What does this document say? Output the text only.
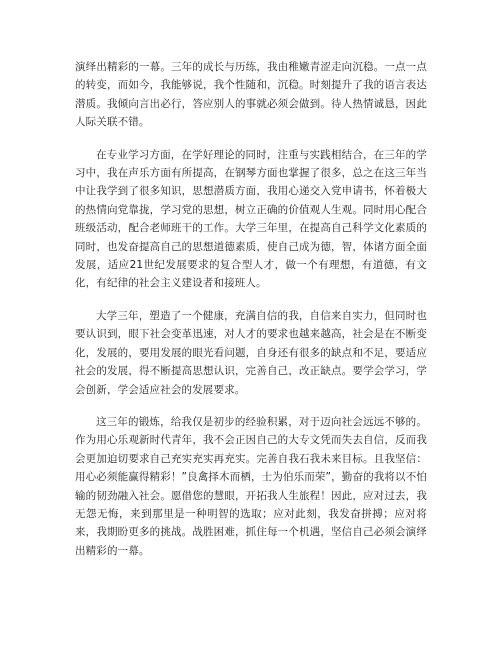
演绎出精彩的一幕。三年的成长与历练，我由稚嫩青涩走向沉稳。一点一点的转变，而如今，我能够说，我个性随和，沉稳。时刻提升了我的语言表达潜质。我倾向言出必行，答应别人的事就必须会做到。待人热情诚恳，因此人际关联不错。

在专业学习方面，在学好理论的同时，注重与实践相结合，在三年的学习中，我在声乐方面有所提高，在钢琴方面也掌握了很多，总之在这三年当中让我学到了很多知识，思想潜质方面，我用心递交入党申请书，怀着极大的热情向党靠拢，学习党的思想，树立正确的价值观人生观。同时用心配合班级活动，配合老师班干的工作。大学三年里，在提高自己科学文化素质的同时，也发奋提高自己的思想道德素质，使自己成为德，智，体诸方面全面发展，适应21世纪发展要求的复合型人才，做一个有理想，有道德，有文化，有纪律的社会主义建设者和接班人。

大学三年，塑造了一个健康，充满自信的我，自信来自实力，但同时也要认识到，眼下社会变革迅速，对人才的要求也越来越高，社会是在不断变化，发展的，要用发展的眼光看问题，自身还有很多的缺点和不足，要适应社会的发展，得不断提高思想认识，完善自己，改正缺点。要学会学习，学会创新，学会适应社会的发展要求。

这三年的锻炼，给我仅是初步的经验积累，对于迈向社会远远不够的。作为用心乐观新时代青年，我不会正因自己的大专文凭而失去自信，反而我会更加迫切要求自己充实充实再充实。完善自我石我未来目标。且我坚信：用心必须能赢得精彩！”良禽择木而栖，士为伯乐而荣”，勤奋的我将以不怕输的韧劲融入社会。愿借您的慧眼，开拓我人生旅程！因此，应对过去，我无怨无悔，来到那里是一种明智的选取；应对此刻，我发奋拼搏；应对将来，我期盼更多的挑战。战胜困难，抓住每一个机遇，坚信自己必须会演绎出精彩的一幕。
